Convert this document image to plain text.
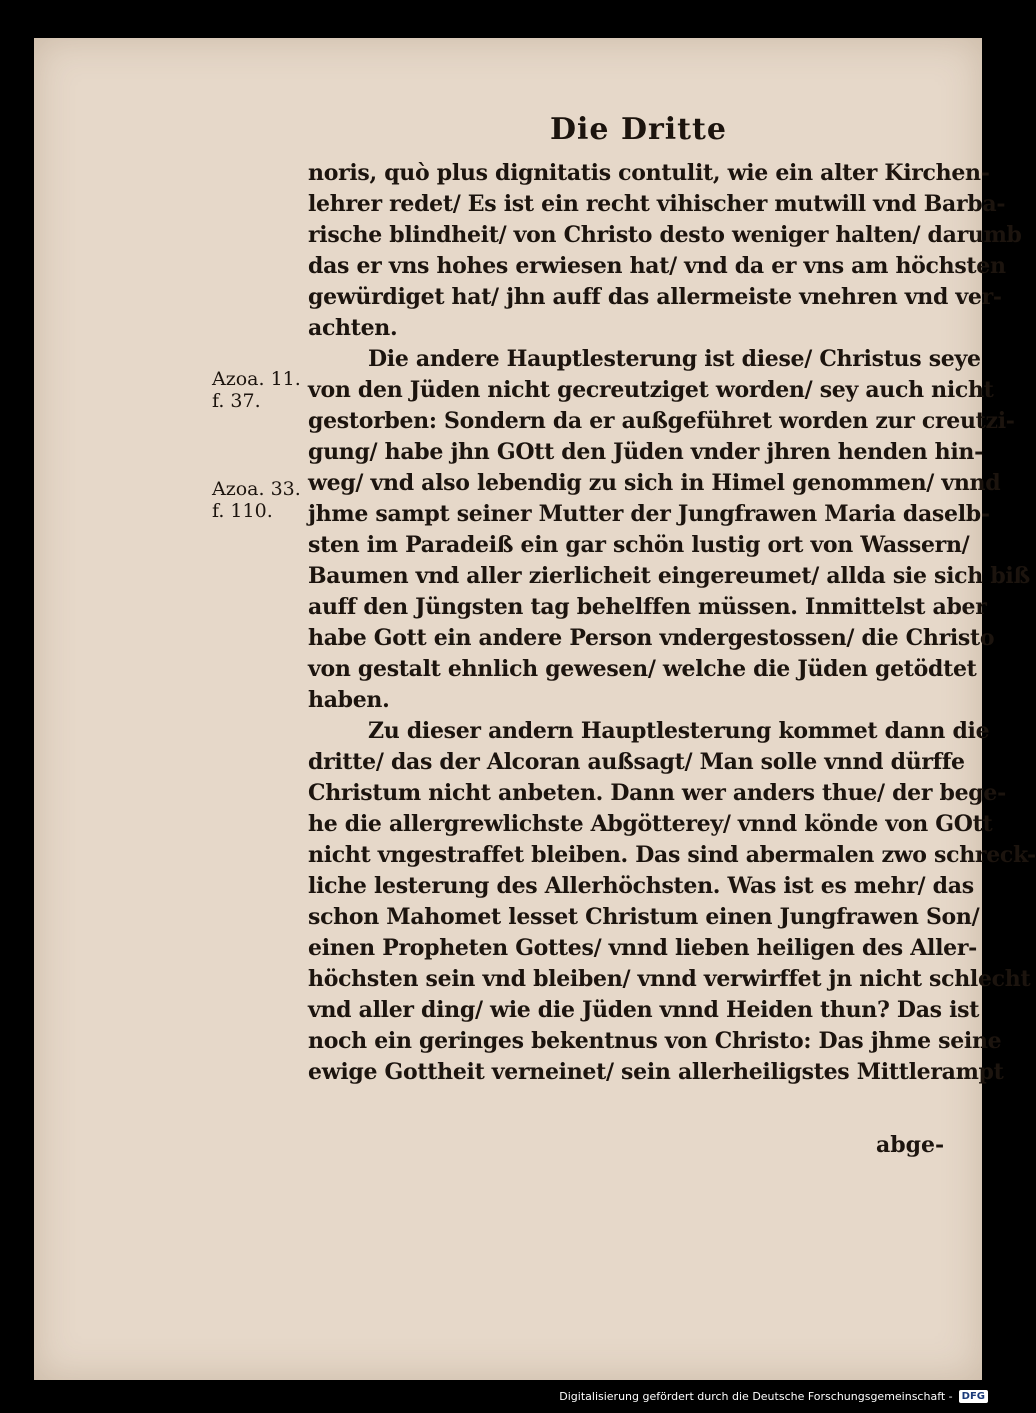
Die Dritte
noris, quò plus dignitatis contulit, wie ein alter Kirchen-
lehrer redet/ Es ist ein recht vihischer mutwill vnd Barba-
rische blindheit/ von Christo desto weniger halten/ darumb
das er vns hohes erwiesen hat/ vnd da er vns am höchsten
gewürdiget hat/ jhn auff das allermeiste vnehren vnd ver-
achten.
Die andere Hauptlesterung ist diese/ Christus seye
von den Jüden nicht gecreutziget worden/ sey auch nicht
gestorben: Sondern da er außgeführet worden zur creutzi-
gung/ habe jhn GOtt den Jüden vnder jhren henden hin-
weg/ vnd also lebendig zu sich in Himel genommen/ vnnd
jhme sampt seiner Mutter der Jungfrawen Maria daselb-
sten im Paradeiß ein gar schön lustig ort von Wassern/
Baumen vnd aller zierlicheit eingereumet/ allda sie sich biß
auff den Jüngsten tag behelffen müssen. Inmittelst aber
habe Gott ein andere Person vndergestossen/ die Christo
von gestalt ehnlich gewesen/ welche die Jüden getödtet
haben.
Zu dieser andern Hauptlesterung kommet dann die
dritte/ das der Alcoran außsagt/ Man solle vnnd dürffe
Christum nicht anbeten. Dann wer anders thue/ der bege-
he die allergrewlichste Abgötterey/ vnnd könde von GOtt
nicht vngestraffet bleiben. Das sind abermalen zwo schreck-
liche lesterung des Allerhöchsten. Was ist es mehr/ das
schon Mahomet lesset Christum einen Jungfrawen Son/
einen Propheten Gottes/ vnnd lieben heiligen des Aller-
höchsten sein vnd bleiben/ vnnd verwirffet jn nicht schlecht
vnd aller ding/ wie die Jüden vnnd Heiden thun? Das ist
noch ein geringes bekentnus von Christo: Das jhme seine
ewige Gottheit verneinet/ sein allerheiligstes Mittlerampt
Azoa. 11.
f. 37.
Azoa. 33.
f. 110.
abge-
Digitalisierung gefördert durch die Deutsche Forschungsgemeinschaft - DFG
